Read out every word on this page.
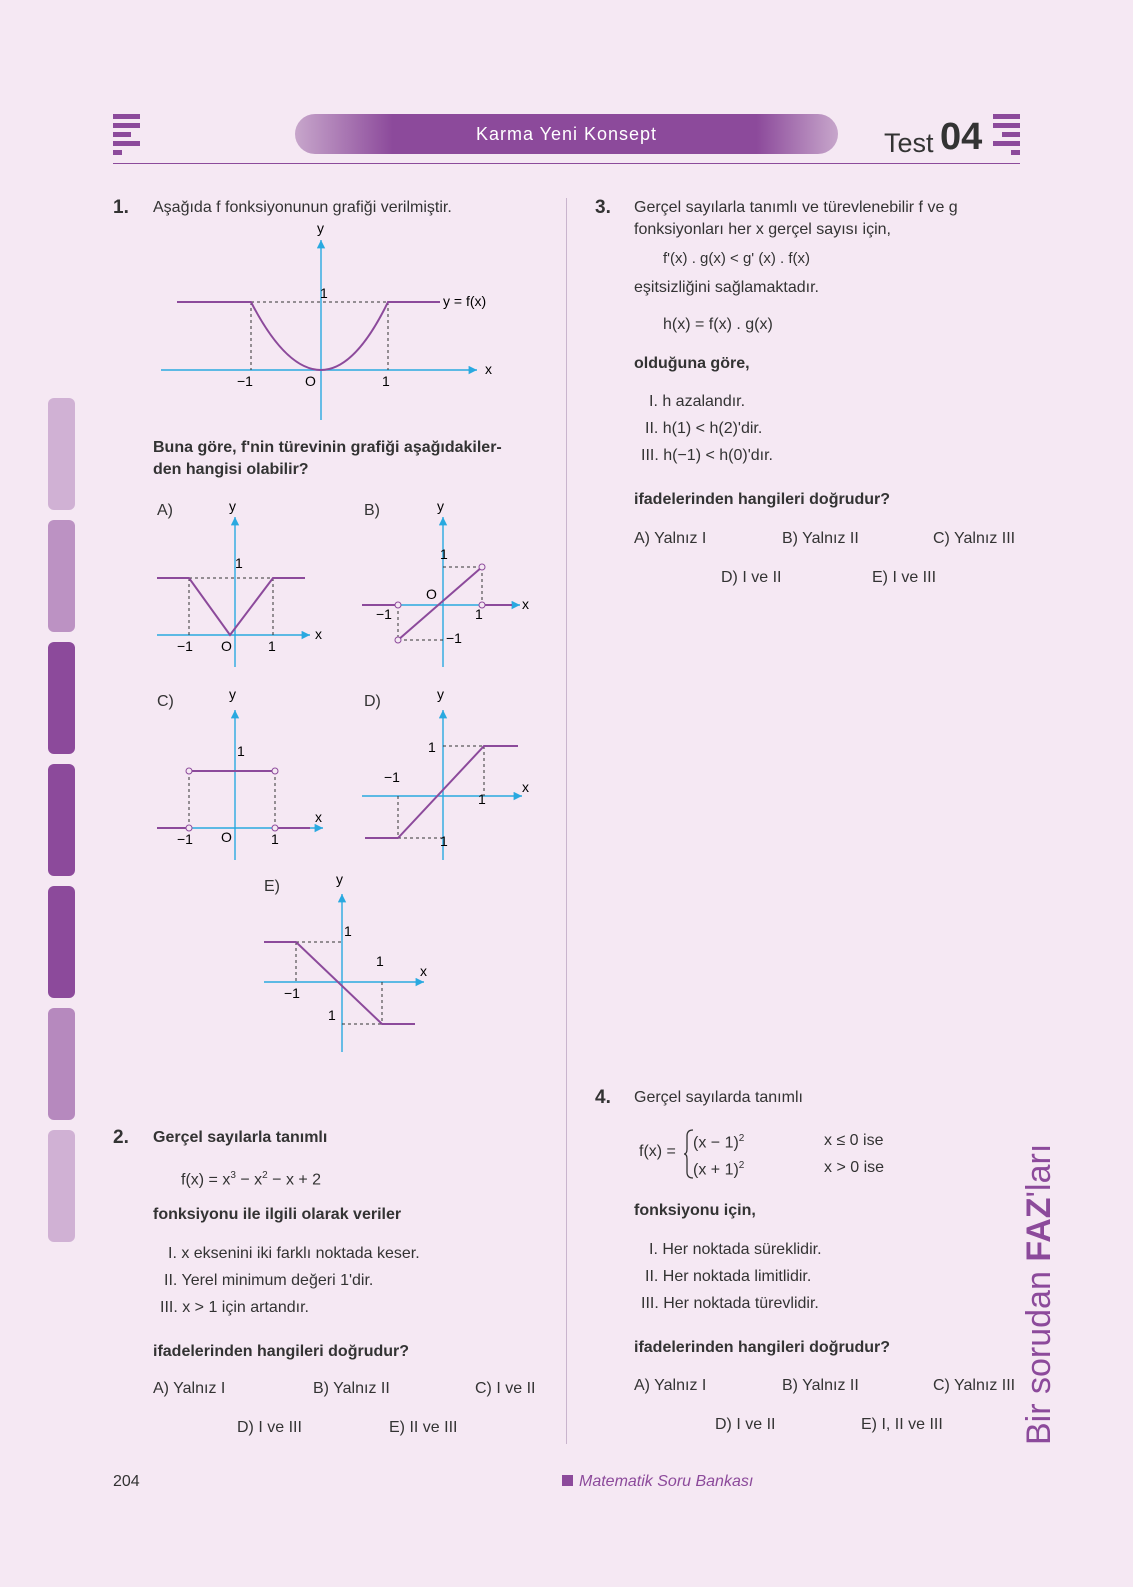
Karma Yeni Konsept	Test 04
1. Aşağıda f fonksiyonunun grafiği verilmiştir.
y
x
1
−1	O	1
y = f(x)
Buna göre, f'nin türevinin grafiği aşağıdakiler-
den hangisi olabilir?
A)	y
x
1
−1 O	1
B)	y
x
1
O
−1	1
−1
C)	y
x
1
−1 O	1
D)	y
x
1
−1
1
1
E)	y
x
1
1
−1
1
2. Gerçel sayılarla tanımlı
$f(x) = x^3 - x^2 - x + 2$
fonksiyonu ile ilgili olarak veriler
I. x eksenini iki farklı noktada keser.
II. Yerel minimum değeri 1'dir.
III. x > 1 için artandır.
ifadelerinden hangileri doğrudur?
A) Yalnız I	B) Yalnız II	C) I ve II
D) I ve III	E) II ve III
3. Gerçel sayılarla tanımlı ve türevlenebilir f ve g
fonksiyonları her x gerçel sayısı için,
f'(x) . g(x) < g' (x) . f(x)
eşitsizliğini sağlamaktadır.
h(x) = f(x) . g(x)
olduğuna göre,
I. h azalandır.
II. h(1) < h(2)'dir.
III. h(−1) < h(0)'dır.
ifadelerinden hangileri doğrudur?
A) Yalnız I	B) Yalnız II	C) Yalnız III
D) I ve II	E) I ve III
4. Gerçel sayılarda tanımlı
f(x) =
$(x - 1)^2$	x ≤ 0 ise
$(x + 1)^2$	x > 0 ise
fonksiyonu için,
I. Her noktada süreklidir.
II. Her noktada limitlidir.
III. Her noktada türevlidir.
ifadelerinden hangileri doğrudur?
A) Yalnız I	B) Yalnız II	C) Yalnız III
D) I ve II	E) I, II ve III Bir sorudan FAZ'ları
204	Matematik Soru Bankası
